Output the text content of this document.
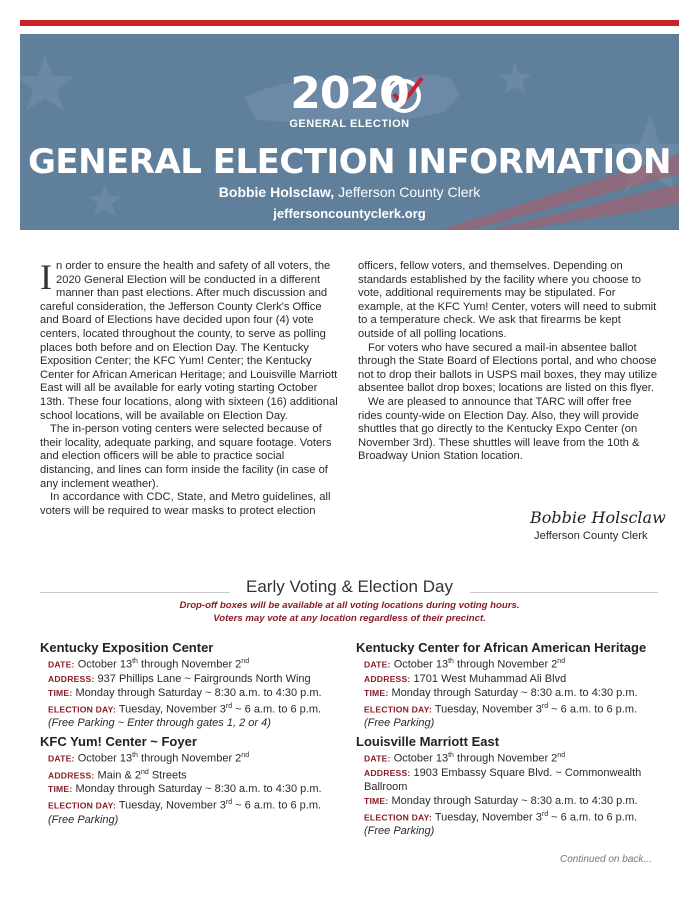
2020
GENERAL ELECTION
GENERAL ELECTION INFORMATION
Bobbie Holsclaw, Jefferson County Clerk
jeffersoncountyclerk.org

In order to ensure the health and safety of all voters, the 2020 General Election will be conducted in a different manner than past elections. After much discussion and careful consideration, the Jefferson County Clerk's Office and Board of Elections have decided upon four (4) vote centers, located throughout the county, to serve as polling places both before and on Election Day. The Kentucky Exposition Center; the KFC Yum! Center; the Kentucky Center for African American Heritage; and Louisville Marriott East will all be available for early voting starting October 13th. These four locations, along with sixteen (16) additional school locations, will be available on Election Day.

The in-person voting centers were selected because of their locality, adequate parking, and square footage. Voters and election officers will be able to practice social distancing, and lines can form inside the facility (in case of any inclement weather).

In accordance with CDC, State, and Metro guidelines, all voters will be required to wear masks to protect election

officers, fellow voters, and themselves. Depending on standards established by the facility where you choose to vote, additional requirements may be stipulated. For example, at the KFC Yum! Center, voters will need to submit to a temperature check. We ask that firearms be kept outside of all polling locations.

For voters who have secured a mail-in absentee ballot through the State Board of Elections portal, and who choose not to drop their ballots in USPS mail boxes, they may utilize absentee ballot drop boxes; locations are listed on this flyer.

We are pleased to announce that TARC will offer free rides county-wide on Election Day. Also, they will provide shuttles that go directly to the Kentucky Expo Center (on November 3rd). These shuttles will leave from the 10th & Broadway Union Station location.

Bobbie Holsclaw
Jefferson County Clerk
Early Voting & Election Day
Drop-off boxes will be available at all voting locations during voting hours.
Voters may vote at any location regardless of their precinct.
Kentucky Exposition Center
DATE: October 13th through November 2nd
ADDRESS: 937 Phillips Lane ~ Fairgrounds North Wing
TIME: Monday through Saturday ~ 8:30 a.m. to 4:30 p.m.
ELECTION DAY: Tuesday, November 3rd ~ 6 a.m. to 6 p.m.
(Free Parking ~ Enter through gates 1, 2 or 4)
KFC Yum! Center ~ Foyer
DATE: October 13th through November 2nd
ADDRESS: Main & 2nd Streets
TIME: Monday through Saturday ~ 8:30 a.m. to 4:30 p.m.
ELECTION DAY: Tuesday, November 3rd ~ 6 a.m. to 6 p.m.
(Free Parking)
Kentucky Center for African American Heritage
DATE: October 13th through November 2nd
ADDRESS: 1701 West Muhammad Ali Blvd
TIME: Monday through Saturday ~ 8:30 a.m. to 4:30 p.m.
ELECTION DAY: Tuesday, November 3rd ~ 6 a.m. to 6 p.m.
(Free Parking)
Louisville Marriott East
DATE: October 13th through November 2nd
ADDRESS: 1903 Embassy Square Blvd. ~ Commonwealth Ballroom
TIME: Monday through Saturday ~ 8:30 a.m. to 4:30 p.m.
ELECTION DAY: Tuesday, November 3rd ~ 6 a.m. to 6 p.m.
(Free Parking)
Continued on back...
